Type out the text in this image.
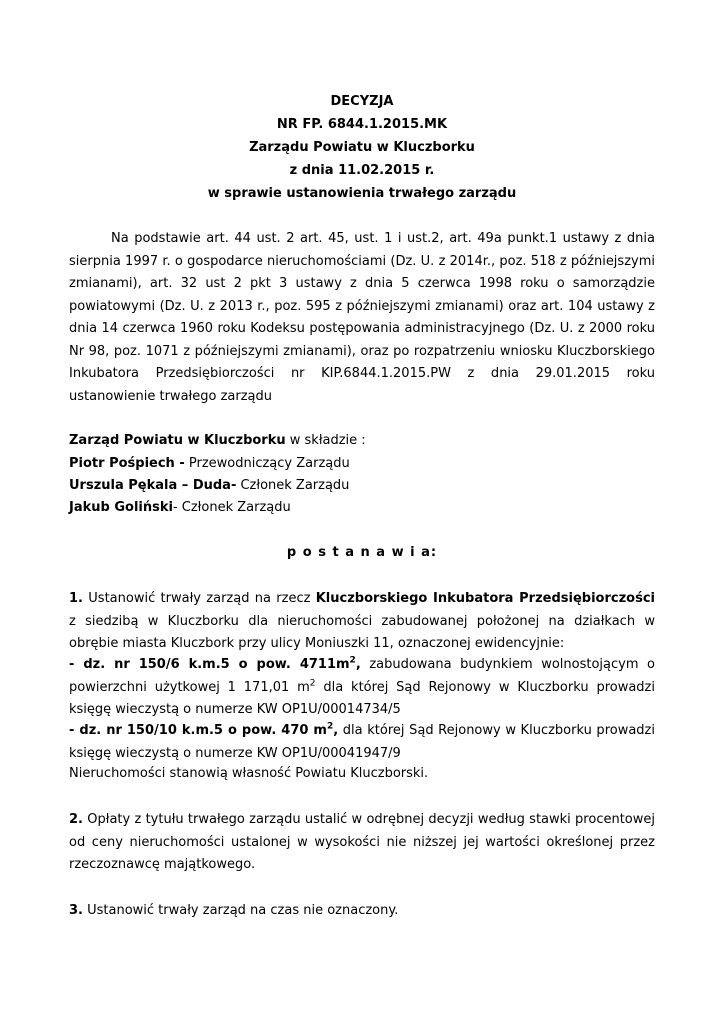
DECYZJA
NR FP. 6844.1.2015.MK
Zarządu Powiatu w Kluczborku
z dnia 11.02.2015 r.
w sprawie ustanowienia trwałego zarządu
Na podstawie art. 44 ust. 2 art. 45, ust. 1 i ust.2, art. 49a punkt.1 ustawy z dnia sierpnia 1997 r. o gospodarce nieruchomościami (Dz. U. z 2014r., poz. 518 z późniejszymi zmianami), art. 32 ust 2 pkt 3 ustawy z dnia 5 czerwca 1998 roku o samorządzie powiatowymi (Dz. U. z 2013 r., poz. 595 z późniejszymi zmianami) oraz art. 104 ustawy z dnia 14 czerwca 1960 roku Kodeksu postępowania administracyjnego (Dz. U. z 2000 roku Nr 98, poz. 1071 z późniejszymi zmianami), oraz po rozpatrzeniu wniosku Kluczborskiego Inkubatora Przedsiębiorczości nr KIP.6844.1.2015.PW z dnia 29.01.2015 roku ustanowienie trwałego zarządu
Zarząd Powiatu w Kluczborku w składzie :
Piotr Pośpiech - Przewodniczący Zarządu
Urszula Pękala – Duda- Członek Zarządu
Jakub Goliński- Członek Zarządu
p o s t a n a w i a:
1. Ustanowić trwały zarząd na rzecz Kluczborskiego Inkubatora Przedsiębiorczości z siedzibą w Kluczborku dla nieruchomości zabudowanej położonej na działkach w obrębie miasta Kluczbork przy ulicy Moniuszki 11, oznaczonej ewidencyjnie:
- dz. nr 150/6 k.m.5 o pow. $4711m^2$, zabudowana budynkiem wolnostojącym o powierzchni użytkowej 1 171,01 $m^2$ dla której Sąd Rejonowy w Kluczborku prowadzi księgę wieczystą o numerze KW OP1U/00014734/5
- dz. nr 150/10 k.m.5 o pow. 470 $m^2$, dla której Sąd Rejonowy w Kluczborku prowadzi księgę wieczystą o numerze KW OP1U/00041947/9
Nieruchomości stanowią własność Powiatu Kluczborski.
2. Opłaty z tytułu trwałego zarządu ustalić w odrębnej decyzji według stawki procentowej od ceny nieruchomości ustalonej w wysokości nie niższej jej wartości określonej przez rzeczoznawcę majątkowego.
3. Ustanowić trwały zarząd na czas nie oznaczony.
